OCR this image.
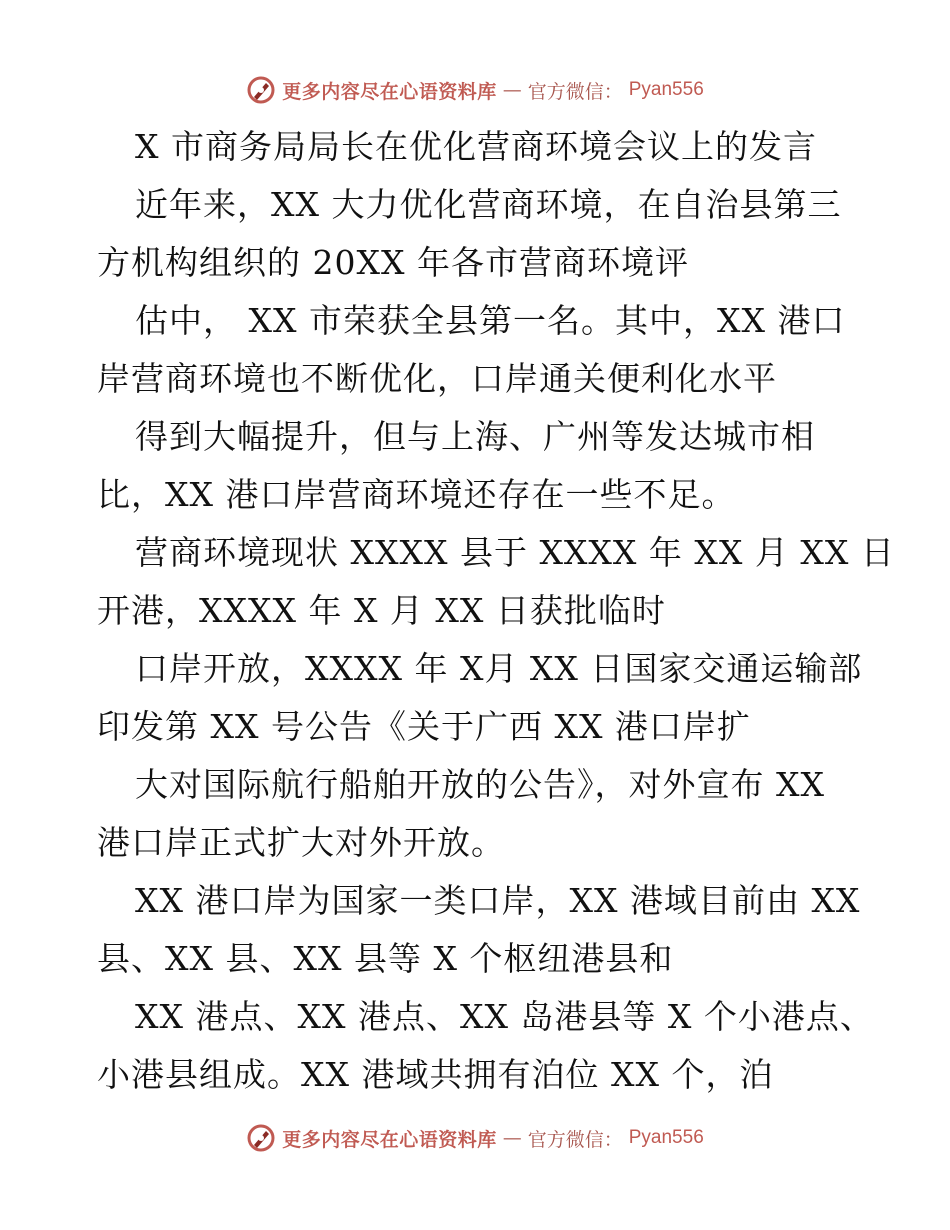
更多内容尽在心语资料库 — 官方微信： Pyan556
X 市商务局局长在优化营商环境会议上的发言
近年来，XX 大力优化营商环境，在自治县第三
方机构组织的 20XX 年各市营商环境评
估中， XX 市荣获全县第一名。其中，XX 港口
岸营商环境也不断优化，口岸通关便利化水平
得到大幅提升，但与上海、广州等发达城市相
比，XX 港口岸营商环境还存在一些不足。
营商环境现状 XXXX 县于 XXXX 年 XX 月 XX 日
开港，XXXX 年 X 月 XX 日获批临时
口岸开放，XXXX 年 X月 XX 日国家交通运输部
印发第 XX 号公告《关于广西 XX 港口岸扩
大对国际航行船舶开放的公告》，对外宣布 XX
港口岸正式扩大对外开放。
XX 港口岸为国家一类口岸，XX 港域目前由 XX
县、XX 县、XX 县等 X 个枢纽港县和
XX 港点、XX 港点、XX 岛港县等 X 个小港点、
小港县组成。XX 港域共拥有泊位 XX 个，泊
更多内容尽在心语资料库 — 官方微信： Pyan556
